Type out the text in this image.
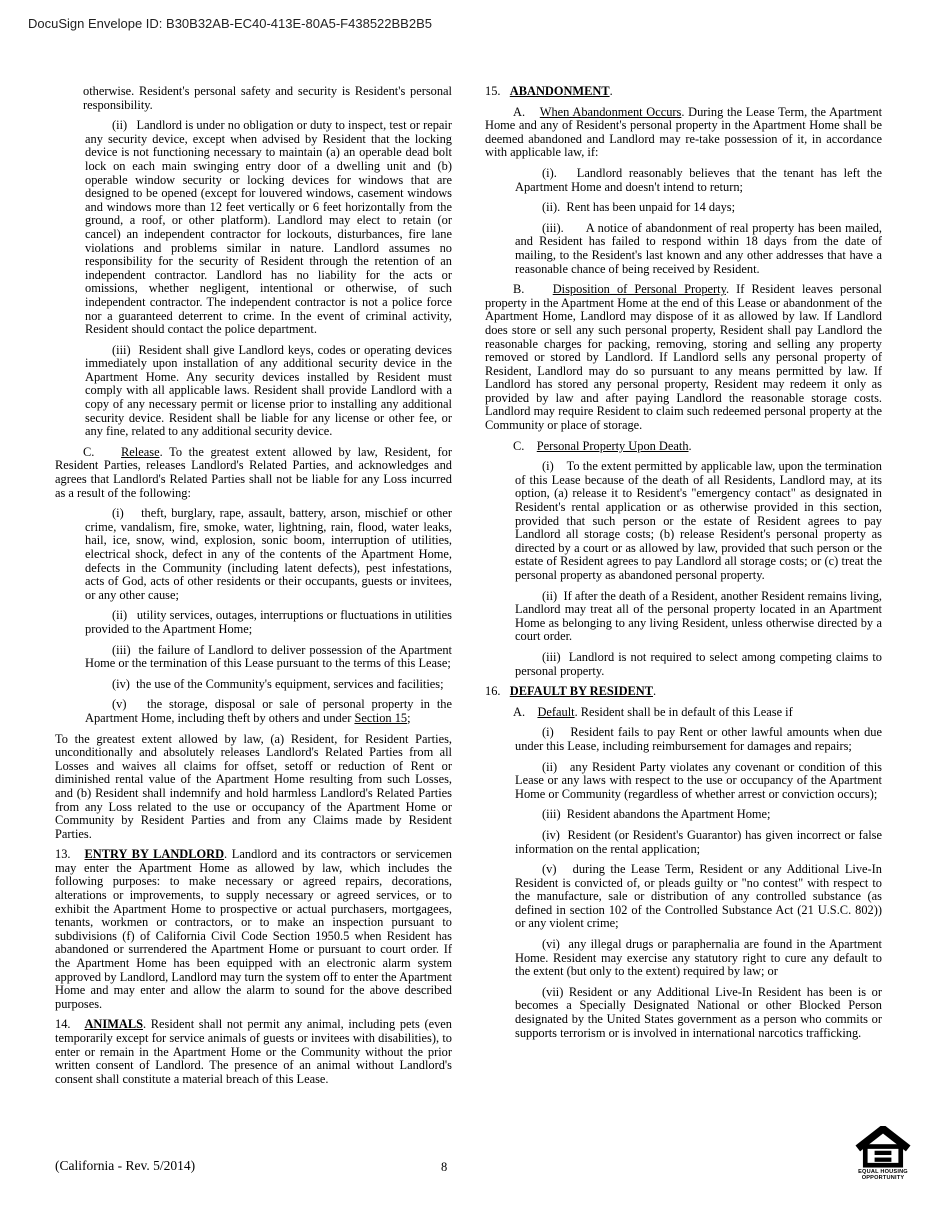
DocuSign Envelope ID: B30B32AB-EC40-413E-80A5-F438522BB2B5

otherwise. Resident's personal safety and security is Resident's personal responsibility.

(ii)   Landlord is under no obligation or duty to inspect, test or repair any security device, except when advised by Resident that the locking device is not functioning necessary to maintain (a) an operable dead bolt lock on each main swinging entry door of a dwelling unit and (b) operable window security or locking devices for windows that are designed to be opened (except for louvered windows, casement windows and windows more than 12 feet vertically or 6 feet horizontally from the ground, a roof, or other platform). Landlord may elect to retain (or cancel) an independent contractor for lockouts, disturbances, fire lane violations and problems similar in nature. Landlord assumes no responsibility for the security of Resident through the retention of an independent contractor. Landlord has no liability for the acts or omissions, whether negligent, intentional or otherwise, of such independent contractor. The independent contractor is not a police force nor a guaranteed deterrent to crime. In the event of criminal activity, Resident should contact the police department.

(iii)  Resident shall give Landlord keys, codes or operating devices immediately upon installation of any additional security device in the Apartment Home. Any security devices installed by Resident must comply with all applicable laws. Resident shall provide Landlord with a copy of any necessary permit or license prior to installing any additional security device. Resident shall be liable for any license or other fee, or any fine, related to any additional security device.

C.    Release. To the greatest extent allowed by law, Resident, for Resident Parties, releases Landlord's Related Parties, and acknowledges and agrees that Landlord's Related Parties shall not be liable for any Loss incurred as a result of the following:

(i)    theft, burglary, rape, assault, battery, arson, mischief or other crime, vandalism, fire, smoke, water, lightning, rain, flood, water leaks, hail, ice, snow, wind, explosion, sonic boom, interruption of utilities, electrical shock, defect in any of the contents of the Apartment Home, defects in the Community (including latent defects), pest infestations, acts of God, acts of other residents or their occupants, guests or invitees, or any other cause;

(ii)   utility services, outages, interruptions or fluctuations in utilities provided to the Apartment Home;

(iii)  the failure of Landlord to deliver possession of the Apartment Home or the termination of this Lease pursuant to the terms of this Lease;

(iv)  the use of the Community's equipment, services and facilities;

(v)   the storage, disposal or sale of personal property in the Apartment Home, including theft by others and under Section 15;

To the greatest extent allowed by law, (a) Resident, for Resident Parties, unconditionally and absolutely releases Landlord's Related Parties from all Losses and waives all claims for offset, setoff or reduction of Rent or diminished rental value of the Apartment Home resulting from such Losses, and (b) Resident shall indemnify and hold harmless Landlord's Related Parties from any Loss related to the use or occupancy of the Apartment Home or Community by Resident Parties and from any Claims made by Resident Parties.

13.   ENTRY BY LANDLORD. Landlord and its contractors or servicemen may enter the Apartment Home as allowed by law, which includes the following purposes: to make necessary or agreed repairs, decorations, alterations or improvements, to supply necessary or agreed services, or to exhibit the Apartment Home to prospective or actual purchasers, mortgagees, tenants, workmen or contractors, or to make an inspection pursuant to subdivisions (f) of California Civil Code Section 1950.5 when Resident has abandoned or surrendered the Apartment Home or pursuant to court order. If the Apartment Home has been equipped with an electronic alarm system approved by Landlord, Landlord may turn the system off to enter the Apartment Home and may enter and allow the alarm to sound for the above described purposes.

14.   ANIMALS. Resident shall not permit any animal, including pets (even temporarily except for service animals of guests or invitees with disabilities), to enter or remain in the Apartment Home or the Community without the prior written consent of Landlord. The presence of an animal without Landlord's consent shall constitute a material breach of this Lease.

15.   ABANDONMENT.

A.    When Abandonment Occurs. During the Lease Term, the Apartment Home and any of Resident's personal property in the Apartment Home shall be deemed abandoned and Landlord may re-take possession of it, in accordance with applicable law, if:

(i).   Landlord reasonably believes that the tenant has left the Apartment Home and doesn't intend to return;

(ii).  Rent has been unpaid for 14 days;

(iii).      A notice of abandonment of real property has been mailed, and Resident has failed to respond within 18 days from the date of mailing, to the Resident's last known and any other addresses that have a reasonable chance of being received by Resident.

B.    Disposition of Personal Property. If Resident leaves personal property in the Apartment Home at the end of this Lease or abandonment of the Apartment Home, Landlord may dispose of it as allowed by law. If Landlord does store or sell any such personal property, Resident shall pay Landlord the reasonable charges for packing, removing, storing and selling any property removed or stored by Landlord. If Landlord sells any personal property of Resident, Landlord may do so pursuant to any means permitted by law. If Landlord has stored any personal property, Resident may redeem it only as provided by law and after paying Landlord the reasonable storage costs. Landlord may require Resident to claim such redeemed personal property at the Community or place of storage.

C.    Personal Property Upon Death.

(i)    To the extent permitted by applicable law, upon the termination of this Lease because of the death of all Residents, Landlord may, at its option, (a) release it to Resident's "emergency contact" as designated in Resident's rental application or as otherwise provided in this section, provided that such person or the estate of Resident agrees to pay Landlord all storage costs; (b) release Resident's personal property as directed by a court or as allowed by law, provided that such person or the estate of Resident agrees to pay Landlord all storage costs; or (c) treat the personal property as abandoned personal property.

(ii)  If after the death of a Resident, another Resident remains living, Landlord may treat all of the personal property located in an Apartment Home as belonging to any living Resident, unless otherwise directed by a court order.

(iii)  Landlord is not required to select among competing claims to personal property.

16.   DEFAULT BY RESIDENT.

A.    Default. Resident shall be in default of this Lease if

(i)    Resident fails to pay Rent or other lawful amounts when due under this Lease, including reimbursement for damages and repairs;

(ii)   any Resident Party violates any covenant or condition of this Lease or any laws with respect to the use or occupancy of the Apartment Home or Community (regardless of whether arrest or conviction occurs);

(iii)  Resident abandons the Apartment Home;

(iv)  Resident (or Resident's Guarantor) has given incorrect or false information on the rental application;

(v)   during the Lease Term, Resident or any Additional Live-In Resident is convicted of, or pleads guilty or "no contest" with respect to the manufacture, sale or distribution of any controlled substance (as defined in section 102 of the Controlled Substance Act (21 U.S.C. 802)) or any violent crime;

(vi)  any illegal drugs or paraphernalia are found in the Apartment Home. Resident may exercise any statutory right to cure any default to the extent (but only to the extent) required by law; or

(vii) Resident or any Additional Live-In Resident has been is or becomes a Specially Designated National or other Blocked Person designated by the United States government as a person who commits or supports terrorism or is involved in international narcotics trafficking.

(California - Rev. 5/2014)	8	EQUAL HOUSING
OPPORTUNITY
